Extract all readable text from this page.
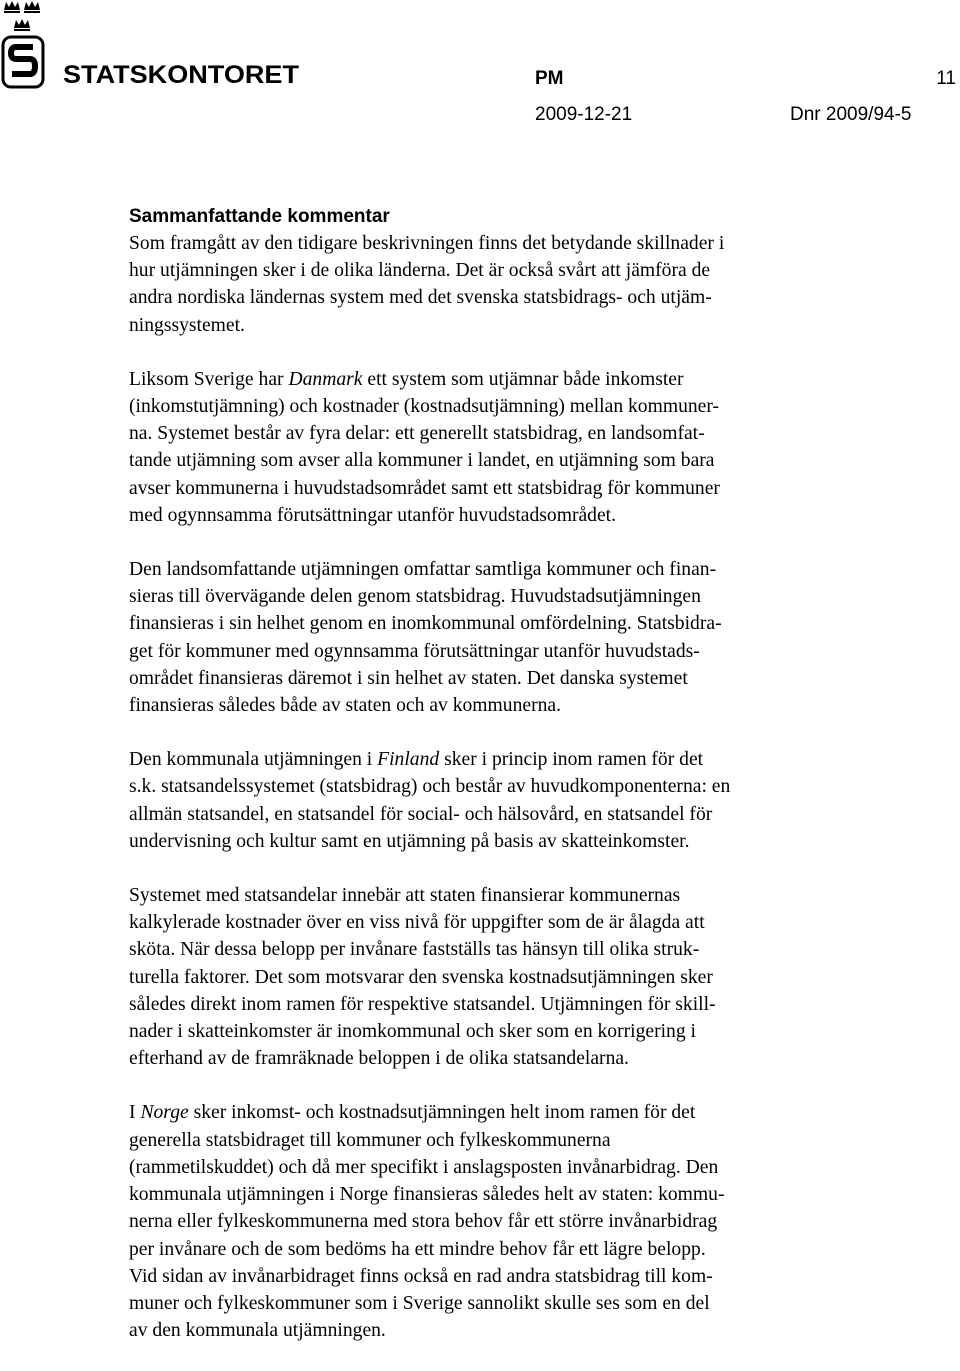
STATSKONTORET	PM	11
2009-12-21	Dnr 2009/94-5
Sammanfattande kommentar
Som framgått av den tidigare beskrivningen finns det betydande skillnader i
hur utjämningen sker i de olika länderna. Det är också svårt att jämföra de
andra nordiska ländernas system med det svenska statsbidrags- och utjäm-
ningssystemet.
Liksom Sverige har Danmark ett system som utjämnar både inkomster
(inkomstutjämning) och kostnader (kostnadsutjämning) mellan kommuner-
na. Systemet består av fyra delar: ett generellt statsbidrag, en landsomfat-
tande utjämning som avser alla kommuner i landet, en utjämning som bara
avser kommunerna i huvudstadsområdet samt ett statsbidrag för kommuner
med ogynnsamma förutsättningar utanför huvudstadsområdet.
Den landsomfattande utjämningen omfattar samtliga kommuner och finan-
sieras till övervägande delen genom statsbidrag. Huvudstadsutjämningen
finansieras i sin helhet genom en inomkommunal omfördelning. Statsbidra-
get för kommuner med ogynnsamma förutsättningar utanför huvudstads-
området finansieras däremot i sin helhet av staten. Det danska systemet
finansieras således både av staten och av kommunerna.
Den kommunala utjämningen i Finland sker i princip inom ramen för det
s.k. statsandelssystemet (statsbidrag) och består av huvudkomponenterna: en
allmän statsandel, en statsandel för social- och hälsovård, en statsandel för
undervisning och kultur samt en utjämning på basis av skatteinkomster.
Systemet med statsandelar innebär att staten finansierar kommunernas
kalkylerade kostnader över en viss nivå för uppgifter som de är ålagda att
sköta. När dessa belopp per invånare fastställs tas hänsyn till olika struk-
turella faktorer. Det som motsvarar den svenska kostnadsutjämningen sker
således direkt inom ramen för respektive statsandel. Utjämningen för skill-
nader i skatteinkomster är inomkommunal och sker som en korrigering i
efterhand av de framräknade beloppen i de olika statsandelarna.
I Norge sker inkomst- och kostnadsutjämningen helt inom ramen för det
generella statsbidraget till kommuner och fylkeskommunerna
(rammetilskuddet) och då mer specifikt i anslagsposten invånarbidrag. Den
kommunala utjämningen i Norge finansieras således helt av staten: kommu-
nerna eller fylkeskommunerna med stora behov får ett större invånarbidrag
per invånare och de som bedöms ha ett mindre behov får ett lägre belopp.
Vid sidan av invånarbidraget finns också en rad andra statsbidrag till kom-
muner och fylkeskommuner som i Sverige sannolikt skulle ses som en del
av den kommunala utjämningen.
